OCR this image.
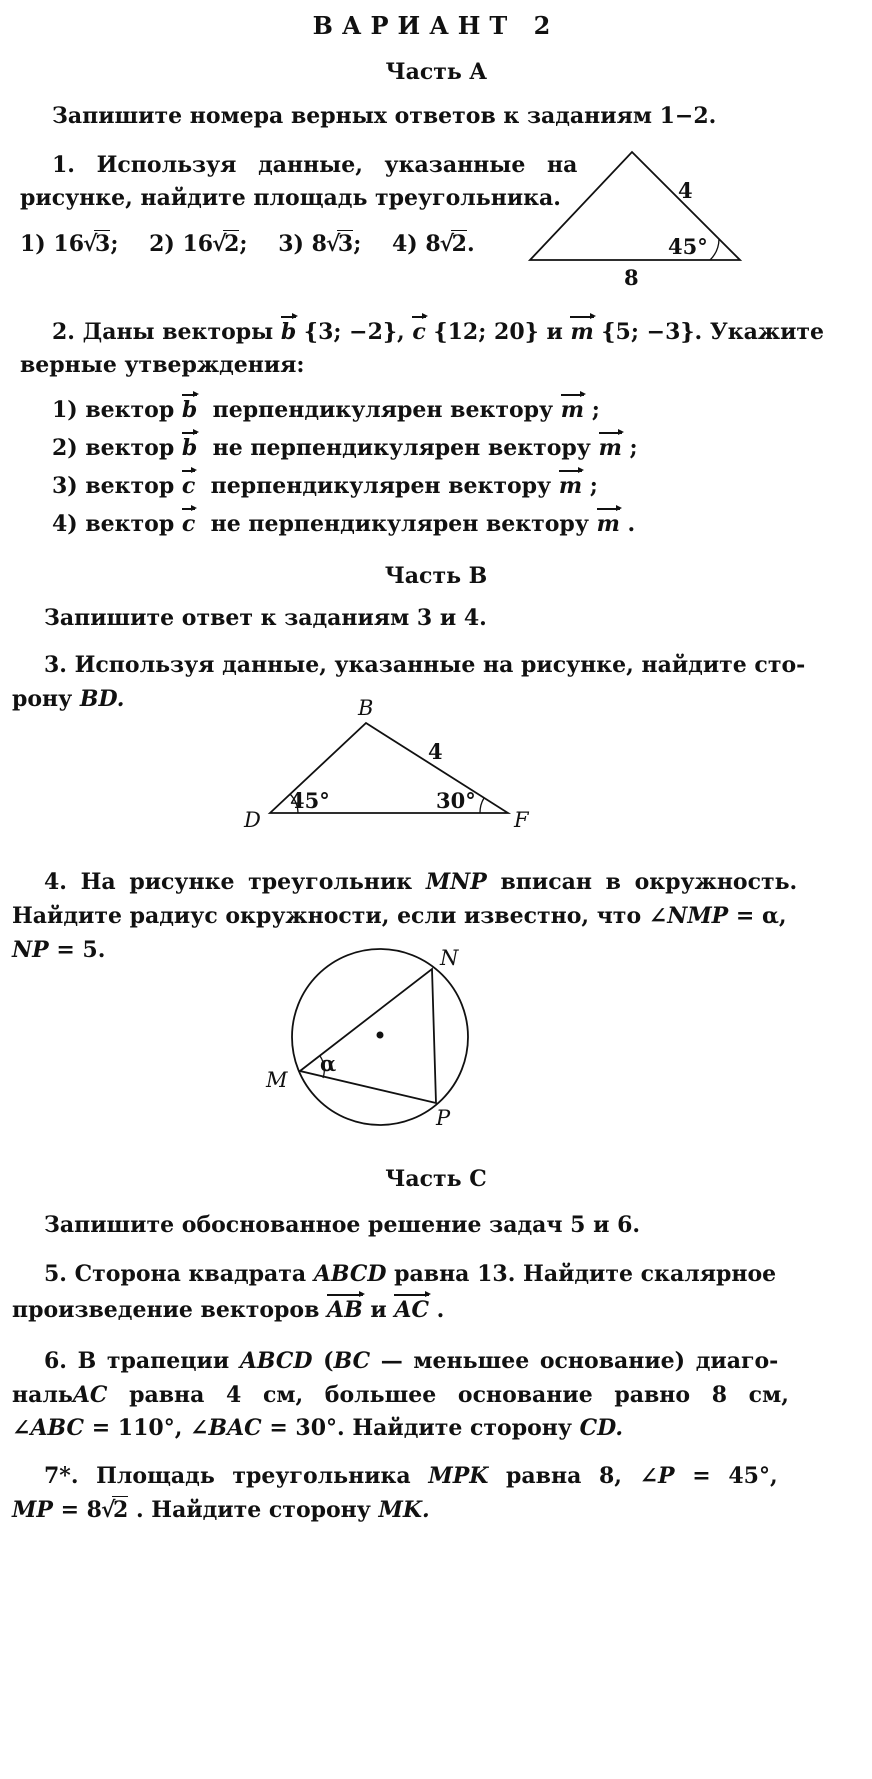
ВАРИАНТ 2
Часть A
Запишите номера верных ответов к заданиям 1−2.
1. Используя данные, указанные на
рисунке, найдите площадь треугольника.
1) 16 √ 3; 2) 16 √ 2; 3) 8 √ 3; 4) 8 √ 2.
4
45°
8
2. Даны векторы b {3; −2}, c {12; 20} и m {5; −3}. Укажите
верные утверждения:
1) вектор b перпендикулярен вектору m ;
2) вектор b не перпендикулярен вектору m ;
3) вектор c перпендикулярен вектору m ;
4) вектор c не перпендикулярен вектору m .
Часть B
Запишите ответ к заданиям 3 и 4.
3. Используя данные, указанные на рисунке, найдите сто-
рону BD.	B
D	F
4
45°	30°
4. На рисунке треугольник MNP вписан в окружность.
Найдите радиус окружности, если известно, что ∠NMP = α,
NP = 5.
α
M
N
P
Часть C
Запишите обоснованное решение задач 5 и 6.
5. Сторона квадрата ABCD равна 13. Найдите скалярное
произведение векторов AB и AC .
6. В трапеции ABCD (BC — меньшее основание) диаго-
нальAC равна 4 см, большее основание равно 8 см,
∠ABC = 110°, ∠BAC = 30°. Найдите сторону CD.
7*. Площадь треугольника MPK равна 8, ∠P = 45°,
MP = 8 √ 2 . Найдите сторону MK.
